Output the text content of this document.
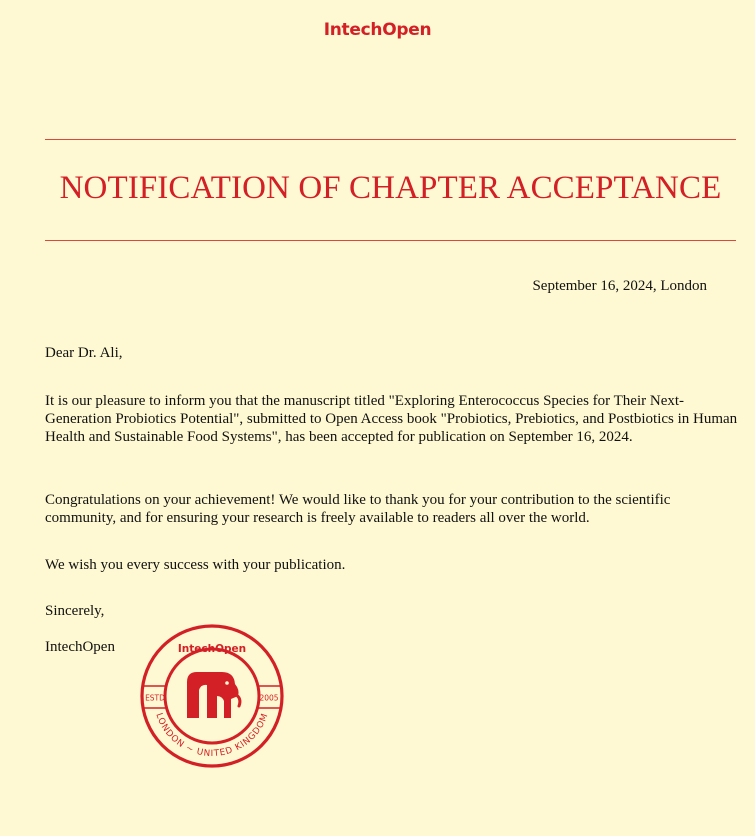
IntechOpen
NOTIFICATION OF CHAPTER ACCEPTANCE
September 16, 2024, London
Dear Dr. Ali,

It is our pleasure to inform you that the manuscript titled "Exploring Enterococcus Species for Their Next-Generation Probiotics Potential", submitted to Open Access book "Probiotics, Prebiotics, and Postbiotics in Human Health and Sustainable Food Systems", has been accepted for publication on September 16, 2024.

Congratulations on your achievement! We would like to thank you for your contribution to the scientific community, and for ensuring your research is freely available to readers all over the world.

We wish you every success with your publication.

Sincerely,
IntechOpen	IntechOpen
ESTD	2005
LONDON ~ UNITED KINGDOM
